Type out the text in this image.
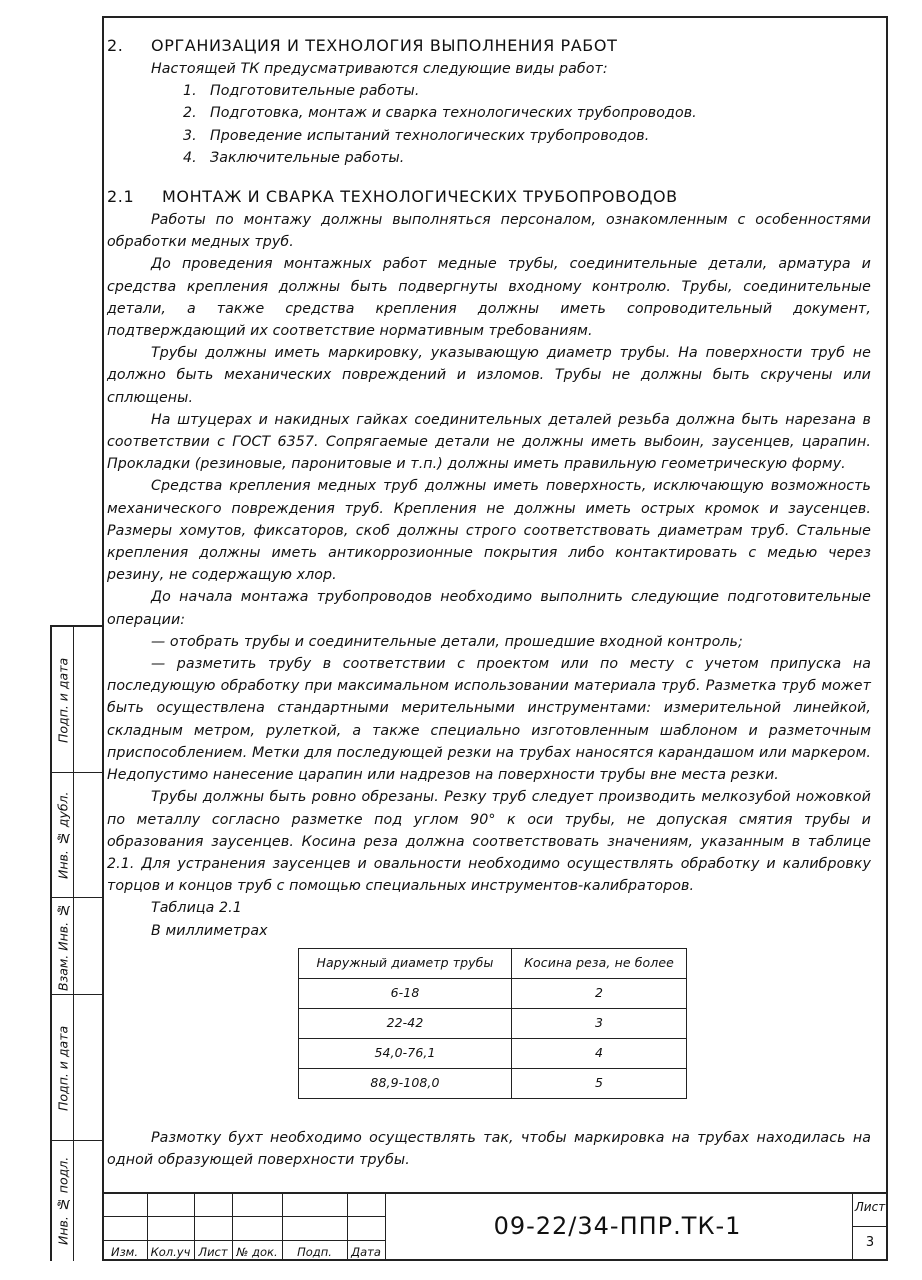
2. ОРГАНИЗАЦИЯ И ТЕХНОЛОГИЯ ВЫПОЛНЕНИЯ РАБОТ

Настоящей ТК предусматриваются следующие виды работ:

1. Подготовительные работы.
2. Подготовка, монтаж и сварка технологических трубопроводов.
3. Проведение испытаний технологических трубопроводов.
4. Заключительные работы.
2.1 МОНТАЖ И СВАРКА ТЕХНОЛОГИЧЕСКИХ ТРУБОПРОВОДОВ

Работы по монтажу должны выполняться персоналом, ознакомленным с особенностями обработки медных труб.

До проведения монтажных работ медные трубы, соединительные детали, арматура и средства крепления должны быть подвергнуты входному контролю. Трубы, соединительные детали, а также средства крепления должны иметь сопроводительный документ, подтверждающий их соответствие нормативным требованиям.

Трубы должны иметь маркировку, указывающую диаметр трубы. На поверхности труб не должно быть механических повреждений и изломов. Трубы не должны быть скручены или сплющены.

На штуцерах и накидных гайках соединительных деталей резьба должна быть нарезана в соответствии с ГОСТ 6357. Сопрягаемые детали не должны иметь выбоин, заусенцев, царапин. Прокладки (резиновые, паронитовые и т.п.) должны иметь правильную геометрическую форму.

Средства крепления медных труб должны иметь поверхность, исключающую возможность механического повреждения труб. Крепления не должны иметь острых кромок и заусенцев. Размеры хомутов, фиксаторов, скоб должны строго соответствовать диаметрам труб. Стальные крепления должны иметь антикоррозионные покрытия либо контактировать с медью через резину, не содержащую хлор.

До начала монтажа трубопроводов необходимо выполнить следующие подготовительные операции:

— отобрать трубы и соединительные детали, прошедшие входной контроль;

— разметить трубу в соответствии с проектом или по месту с учетом припуска на последующую обработку при максимальном использовании материала труб. Разметка труб может быть осуществлена стандартными мерительными инструментами: измерительной линейкой, складным метром, рулеткой, а также специально изготовленным шаблоном и разметочным приспособлением. Метки для последующей резки на трубах наносятся карандашом или маркером. Недопустимо нанесение царапин или надрезов на поверхности трубы вне места резки.

Трубы должны быть ровно обрезаны. Резку труб следует производить мелкозубой ножовкой по металлу согласно разметке под углом 90° к оси трубы, не допуская смятия трубы и образования заусенцев. Косина реза должна соответствовать значениям, указанным в таблице 2.1. Для устранения заусенцев и овальности необходимо осуществлять обработку и калибровку торцов и концов труб с помощью специальных инструментов-калибраторов.

Таблица 2.1
В миллиметрах
Наружный диаметр трубы	Косина реза, не более
6-18	2
22-42	3
54,0-76,1	4
88,9-108,0	5

Размотку бухт необходимо осуществлять так, чтобы маркировка на трубах находилась на одной образующей поверхности трубы.

Подп. и дата
Инв. № дубл.
Взам. Инв. №
Подп. и дата
Инв. № подл.
Изм.	Кол.уч Лист № док.	Подп.	Дата
09-22/34-ППР.ТК-1
Лист
3
